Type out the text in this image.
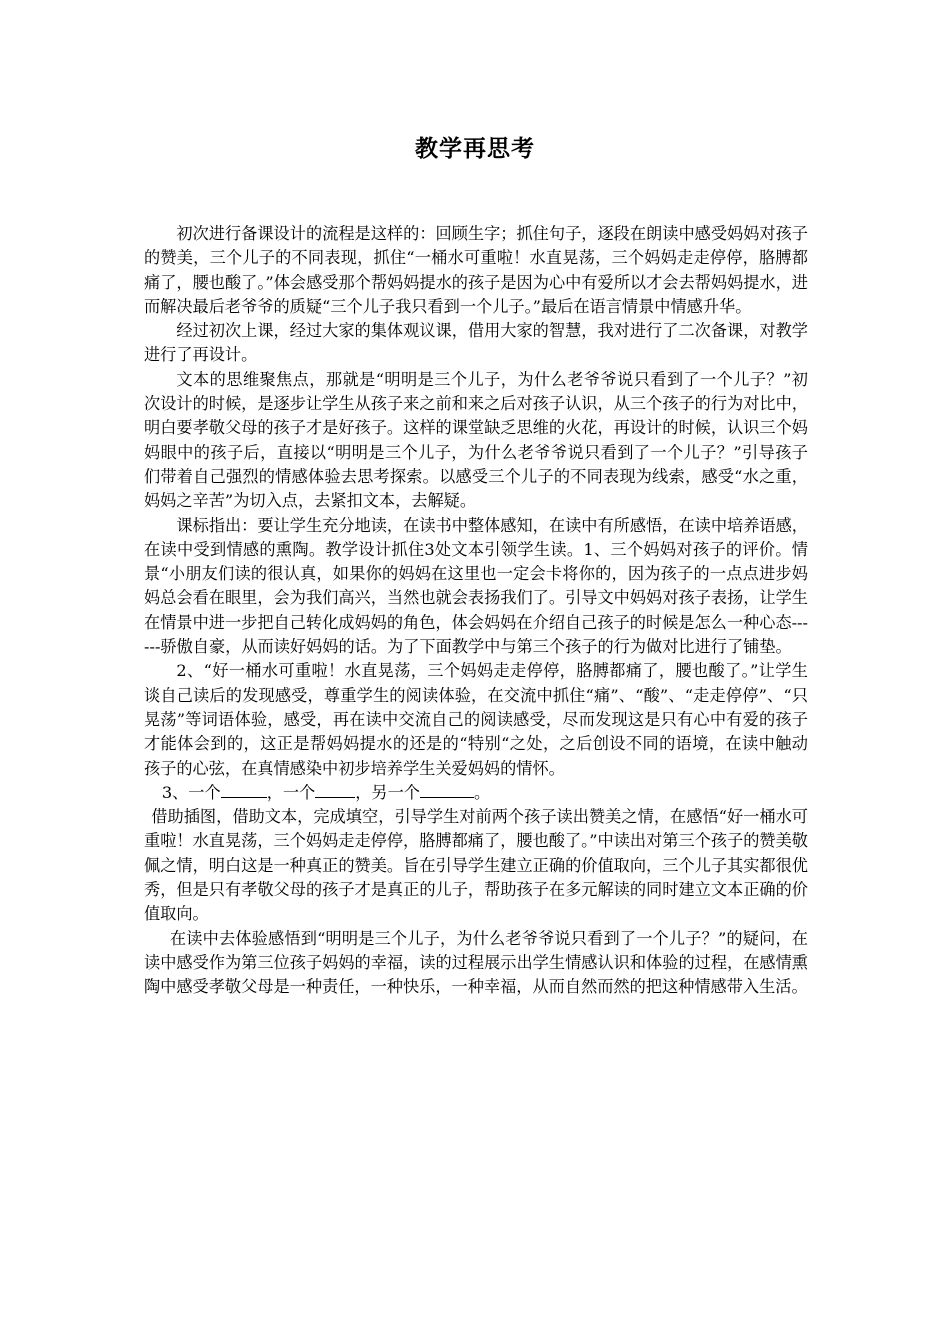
教学再思考

初次进行备课设计的流程是这样的：回顾生字；抓住句子，逐段在朗读中感受妈妈对孩子的赞美，三个儿子的不同表现，抓住“一桶水可重啦！水直晃荡，三个妈妈走走停停，胳膊都痛了，腰也酸了。”体会感受那个帮妈妈提水的孩子是因为心中有爱所以才会去帮妈妈提水，进而解决最后老爷爷的质疑“三个儿子我只看到一个儿子。”最后在语言情景中情感升华。

经过初次上课，经过大家的集体观议课，借用大家的智慧，我对进行了二次备课，对教学进行了再设计。

文本的思维聚焦点，那就是“明明是三个儿子，为什么老爷爷说只看到了一个儿子？”初次设计的时候，是逐步让学生从孩子来之前和来之后对孩子认识，从三个孩子的行为对比中，明白要孝敬父母的孩子才是好孩子。这样的课堂缺乏思维的火花，再设计的时候，认识三个妈妈眼中的孩子后，直接以“明明是三个儿子，为什么老爷爷说只看到了一个儿子？”引导孩子们带着自己强烈的情感体验去思考探索。以感受三个儿子的不同表现为线索，感受“水之重，妈妈之辛苦”为切入点，去紧扣文本，去解疑。

课标指出：要让学生充分地读，在读书中整体感知，在读中有所感悟，在读中培养语感，在读中受到情感的熏陶。教学设计抓住3处文本引领学生读。1、三个妈妈对孩子的评价。情景“小朋友们读的很认真，如果你的妈妈在这里也一定会卡将你的，因为孩子的一点点进步妈妈总会看在眼里，会为我们高兴，当然也就会表扬我们了。引导文中妈妈对孩子表扬，让学生在情景中进一步把自己转化成妈妈的角色，体会妈妈在介绍自己孩子的时候是怎么一种心态------骄傲自豪，从而读好妈妈的话。为了下面教学中与第三个孩子的行为做对比进行了铺垫。

2、“好一桶水可重啦！水直晃荡，三个妈妈走走停停，胳膊都痛了，腰也酸了。”让学生谈自己读后的发现感受，尊重学生的阅读体验，在交流中抓住“痛”、“酸”、“走走停停”、“只晃荡”等词语体验，感受，再在读中交流自己的阅读感受，尽而发现这是只有心中有爱的孩子才能体会到的，这正是帮妈妈提水的还是的“特别“之处，之后创设不同的语境，在读中触动孩子的心弦，在真情感染中初步培养学生关爱妈妈的情怀。

3、一个	，一个 ，另一个	。

借助插图，借助文本，完成填空，引导学生对前两个孩子读出赞美之情，在感悟“好一桶水可重啦！水直晃荡，三个妈妈走走停停，胳膊都痛了，腰也酸了。”中读出对第三个孩子的赞美敬佩之情，明白这是一种真正的赞美。旨在引导学生建立正确的价值取向，三个儿子其实都很优秀，但是只有孝敬父母的孩子才是真正的儿子，帮助孩子在多元解读的同时建立文本正确的价值取向。

在读中去体验感悟到“明明是三个儿子，为什么老爷爷说只看到了一个儿子？”的疑问，在读中感受作为第三位孩子妈妈的幸福，读的过程展示出学生情感认识和体验的过程，在感情熏陶中感受孝敬父母是一种责任，一种快乐，一种幸福，从而自然而然的把这种情感带入生活。
